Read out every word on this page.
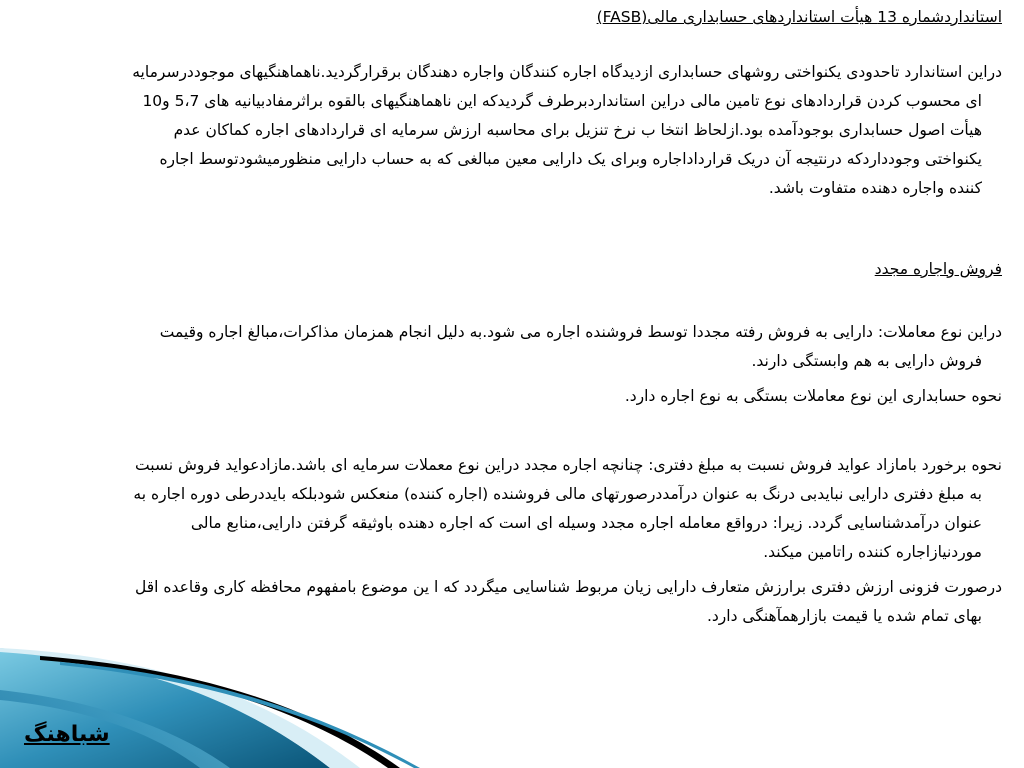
استانداردشماره 13 هیأت استانداردهای حسابداری مالی(FASB)

دراین استاندارد تاحدودی یکنواختی روشهای حسابداری ازدیدگاه اجاره کنندگان واجاره دهندگان برقرارگردید.ناهماهنگیهای موجوددرسرمایه ای محسوب کردن قراردادهای نوع تامین مالی دراین استانداردبرطرف گردیدکه این ناهماهنگیهای بالقوه براثرمفادبیانیه های 5،7 و10 هیأت اصول حسابداری بوجودآمده بود.ازلحاظ انتخا ب نرخ تنزیل برای محاسبه ارزش سرمایه ای قراردادهای اجاره کماکان عدم یکنواختی وجودداردکه درنتیجه آن دریک قرارداداجاره وبرای یک دارایی معین مبالغی که به حساب دارایی منظورمیشودتوسط اجاره کننده واجاره دهنده متفاوت باشد.

فروش واجاره مجدد

دراین نوع معاملات: دارایی به فروش رفته مجددا توسط فروشنده اجاره می شود.به دلیل انجام همزمان مذاکرات،مبالغ اجاره وقیمت فروش دارایی به هم وابستگی دارند.

نحوه حسابداری این نوع معاملات بستگی به نوع اجاره دارد.

نحوه برخورد بامازاد عواید فروش نسبت به مبلغ دفتری: چنانچه اجاره مجدد دراین نوع معملات سرمایه ای باشد.مازادعواید فروش نسبت به مبلغ دفتری دارایی نبایدبی درنگ به عنوان درآمددرصورتهای مالی فروشنده (اجاره کننده) منعکس شودبلکه بایددرطی دوره اجاره به عنوان درآمدشناسایی گردد. زیرا: درواقع معامله اجاره مجدد وسیله ای است که اجاره دهنده باوثیقه گرفتن دارایی،منابع مالی موردنیازاجاره کننده راتامین میکند.

درصورت فزونی ارزش دفتری برارزش متعارف دارایی زیان مربوط شناسایی میگردد که ا ین موضوع بامفهوم محافظه کاری وقاعده اقل بهای تمام شده یا قیمت بازارهمآهنگی دارد.

شباهنگ
